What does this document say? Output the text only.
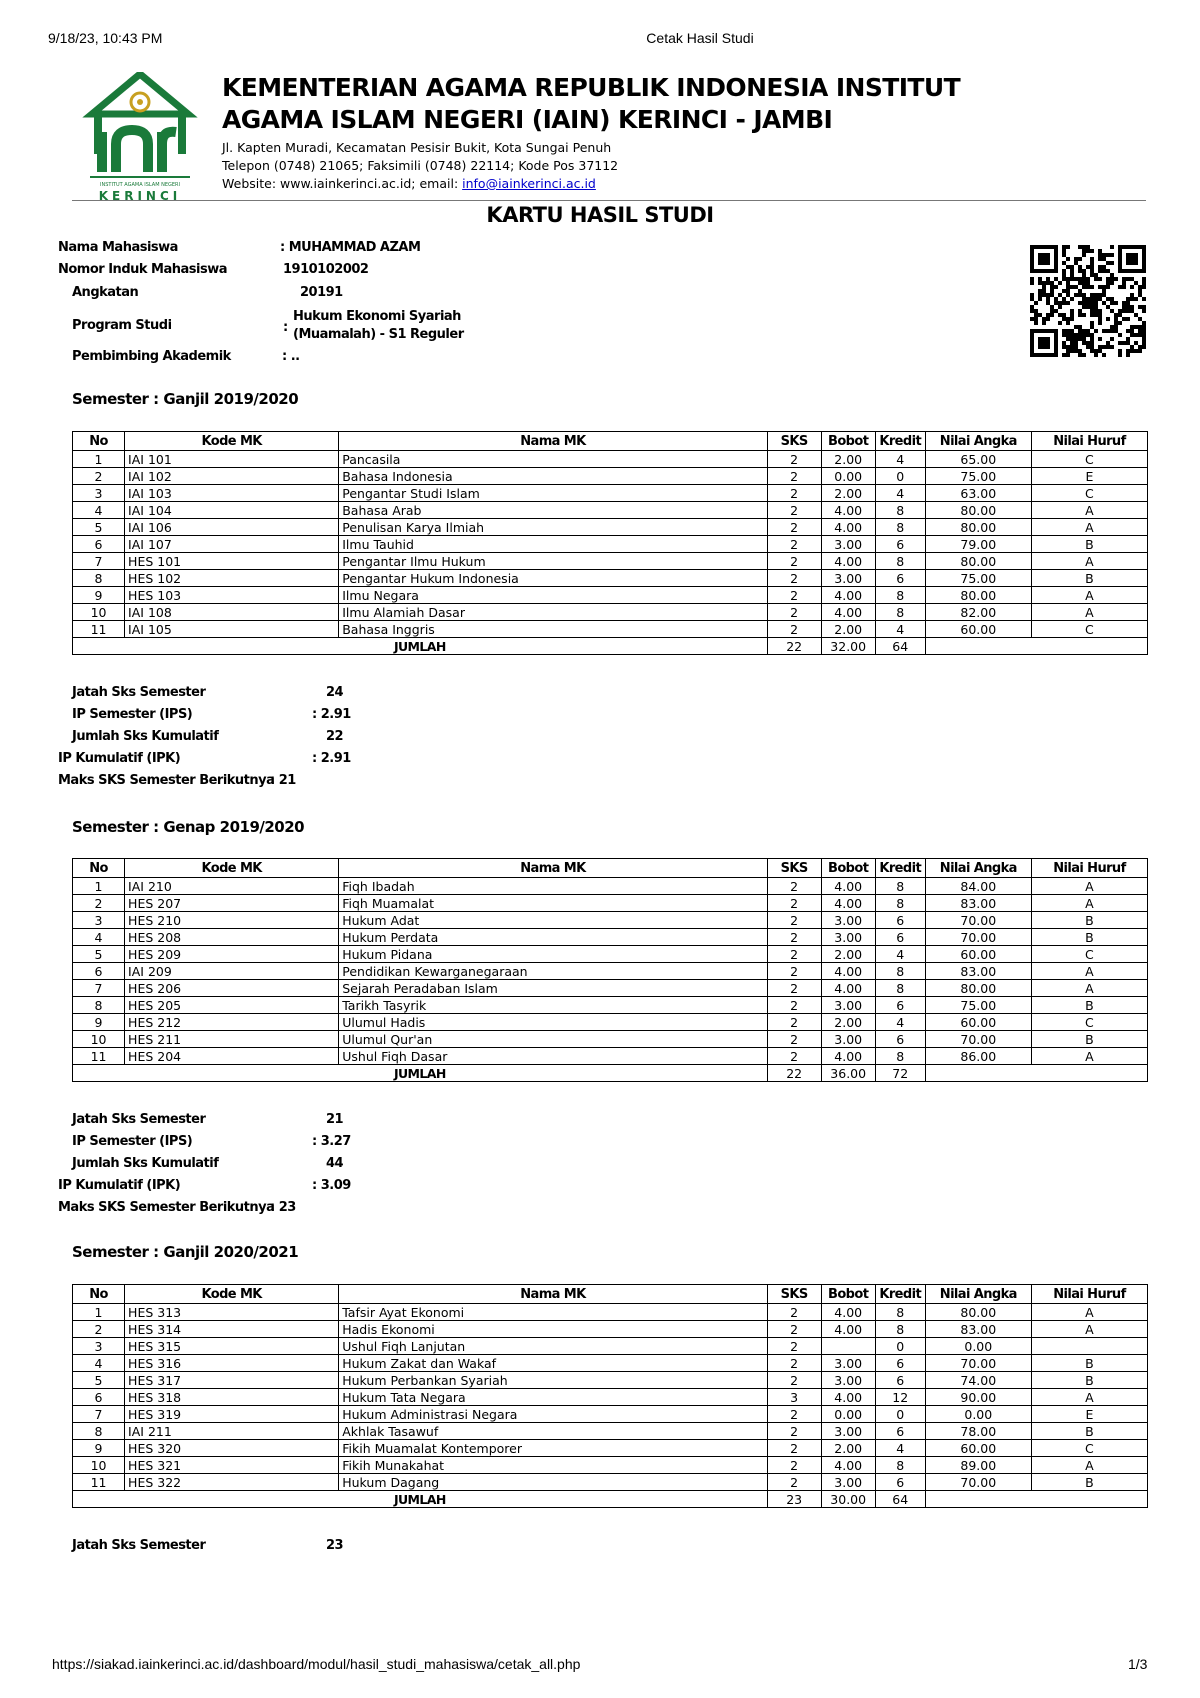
9/18/23, 10:43 PM	Cetak Hasil Studi
INSTITUT AGAMA ISLAM NEGERI
KERINCI
KEMENTERIAN AGAMA REPUBLIK INDONESIA INSTITUT
AGAMA ISLAM NEGERI (IAIN) KERINCI - JAMBI
Jl. Kapten Muradi, Kecamatan Pesisir Bukit, Kota Sungai Penuh
Telepon (0748) 21065; Faksimili (0748) 22114; Kode Pos 37112
Website: www.iainkerinci.ac.id; email: info@iainkerinci.ac.id
KARTU HASIL STUDI
Nama Mahasiswa	: MUHAMMAD AZAM
Nomor Induk Mahasiswa	1910102002
Angkatan	20191
Program Studi	:
Hukum Ekonomi Syariah
(Muamalah) - S1 Reguler
Pembimbing Akademik	: ..
Semester : Ganjil 2019/2020
No	Kode MK	Nama MK	SKS	Bobot	Kredit	Nilai Angka	Nilai Huruf
1	IAI 101	Pancasila	2	2.00	4	65.00	C
2	IAI 102	Bahasa Indonesia	2	0.00	0	75.00	E
3	IAI 103	Pengantar Studi Islam	2	2.00	4	63.00	C
4	IAI 104	Bahasa Arab	2	4.00	8	80.00	A
5	IAI 106	Penulisan Karya Ilmiah	2	4.00	8	80.00	A
6	IAI 107	Ilmu Tauhid	2	3.00	6	79.00	B
7	HES 101	Pengantar Ilmu Hukum	2	4.00	8	80.00	A
8	HES 102	Pengantar Hukum Indonesia	2	3.00	6	75.00	B
9	HES 103	Ilmu Negara	2	4.00	8	80.00	A
10	IAI 108	Ilmu Alamiah Dasar	2	4.00	8	82.00	A
11	IAI 105	Bahasa Inggris	2	2.00	4	60.00	C
JUMLAH			22	32.00	64		
Jatah Sks Semester	24
IP Semester (IPS)	: 2.91
Jumlah Sks Kumulatif	22
IP Kumulatif (IPK)	: 2.91
Maks SKS Semester Berikutnya
: 21
Semester : Genap 2019/2020
No	Kode MK	Nama MK	SKS	Bobot	Kredit	Nilai Angka	Nilai Huruf
1	IAI 210	Fiqh Ibadah	2	4.00	8	84.00	A
2	HES 207	Fiqh Muamalat	2	4.00	8	83.00	A
3	HES 210	Hukum Adat	2	3.00	6	70.00	B
4	HES 208	Hukum Perdata	2	3.00	6	70.00	B
5	HES 209	Hukum Pidana	2	2.00	4	60.00	C
6	IAI 209	Pendidikan Kewarganegaraan	2	4.00	8	83.00	A
7	HES 206	Sejarah Peradaban Islam	2	4.00	8	80.00	A
8	HES 205	Tarikh Tasyrik	2	3.00	6	75.00	B
9	HES 212	Ulumul Hadis	2	2.00	4	60.00	C
10	HES 211	Ulumul Qur'an	2	3.00	6	70.00	B
11	HES 204	Ushul Fiqh Dasar	2	4.00	8	86.00	A
JUMLAH			22	36.00	72		
Jatah Sks Semester	21
IP Semester (IPS)	: 3.27
Jumlah Sks Kumulatif	44
IP Kumulatif (IPK)	: 3.09
Maks SKS Semester Berikutnya
: 23
Semester : Ganjil 2020/2021
No	Kode MK	Nama MK	SKS	Bobot	Kredit	Nilai Angka	Nilai Huruf
1	HES 313	Tafsir Ayat Ekonomi	2	4.00	8	80.00	A
2	HES 314	Hadis Ekonomi	2	4.00	8	83.00	A
3	HES 315	Ushul Fiqh Lanjutan	2		0	0.00	
4	HES 316	Hukum Zakat dan Wakaf	2	3.00	6	70.00	B
5	HES 317	Hukum Perbankan Syariah	2	3.00	6	74.00	B
6	HES 318	Hukum Tata Negara	3	4.00	12	90.00	A
7	HES 319	Hukum Administrasi Negara	2	0.00	0	0.00	E
8	IAI 211	Akhlak Tasawuf	2	3.00	6	78.00	B
9	HES 320	Fikih Muamalat Kontemporer	2	2.00	4	60.00	C
10	HES 321	Fikih Munakahat	2	4.00	8	89.00	A
11	HES 322	Hukum Dagang	2	3.00	6	70.00	B
JUMLAH			23	30.00	64		
Jatah Sks Semester	23
https://siakad.iainkerinci.ac.id/dashboard/modul/hasil_studi_mahasiswa/cetak_all.php	1/3
